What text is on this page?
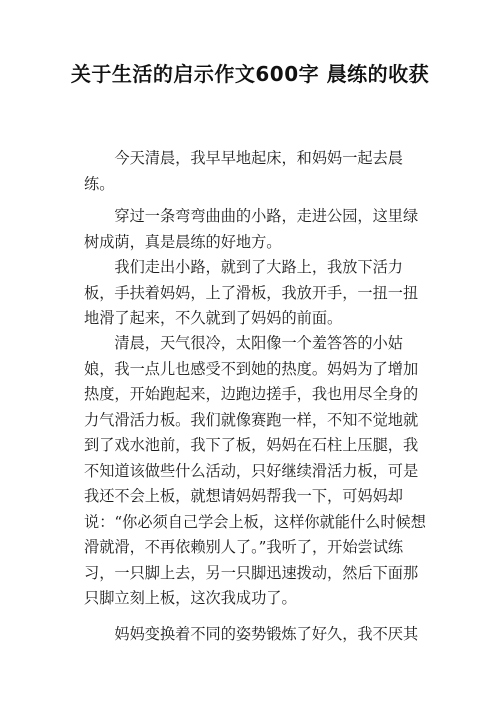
关于生活的启示作文600字 晨练的收获

今天清晨，我早早地起床，和妈妈一起去晨练。

穿过一条弯弯曲曲的小路，走进公园，这里绿树成荫，真是晨练的好地方。

我们走出小路，就到了大路上，我放下活力板，手扶着妈妈，上了滑板，我放开手，一扭一扭地滑了起来，不久就到了妈妈的前面。

清晨，天气很冷，太阳像一个羞答答的小姑娘，我一点儿也感受不到她的热度。妈妈为了增加热度，开始跑起来，边跑边搓手，我也用尽全身的力气滑活力板。我们就像赛跑一样，不知不觉地就到了戏水池前，我下了板，妈妈在石柱上压腿，我不知道该做些什么活动，只好继续滑活力板，可是我还不会上板，就想请妈妈帮我一下，可妈妈却说：“你必须自己学会上板，这样你就能什么时候想滑就滑，不再依赖别人了。”我听了，开始尝试练习，一只脚上去，另一只脚迅速拨动，然后下面那只脚立刻上板，这次我成功了。

妈妈变换着不同的姿势锻炼了好久，我不厌其
